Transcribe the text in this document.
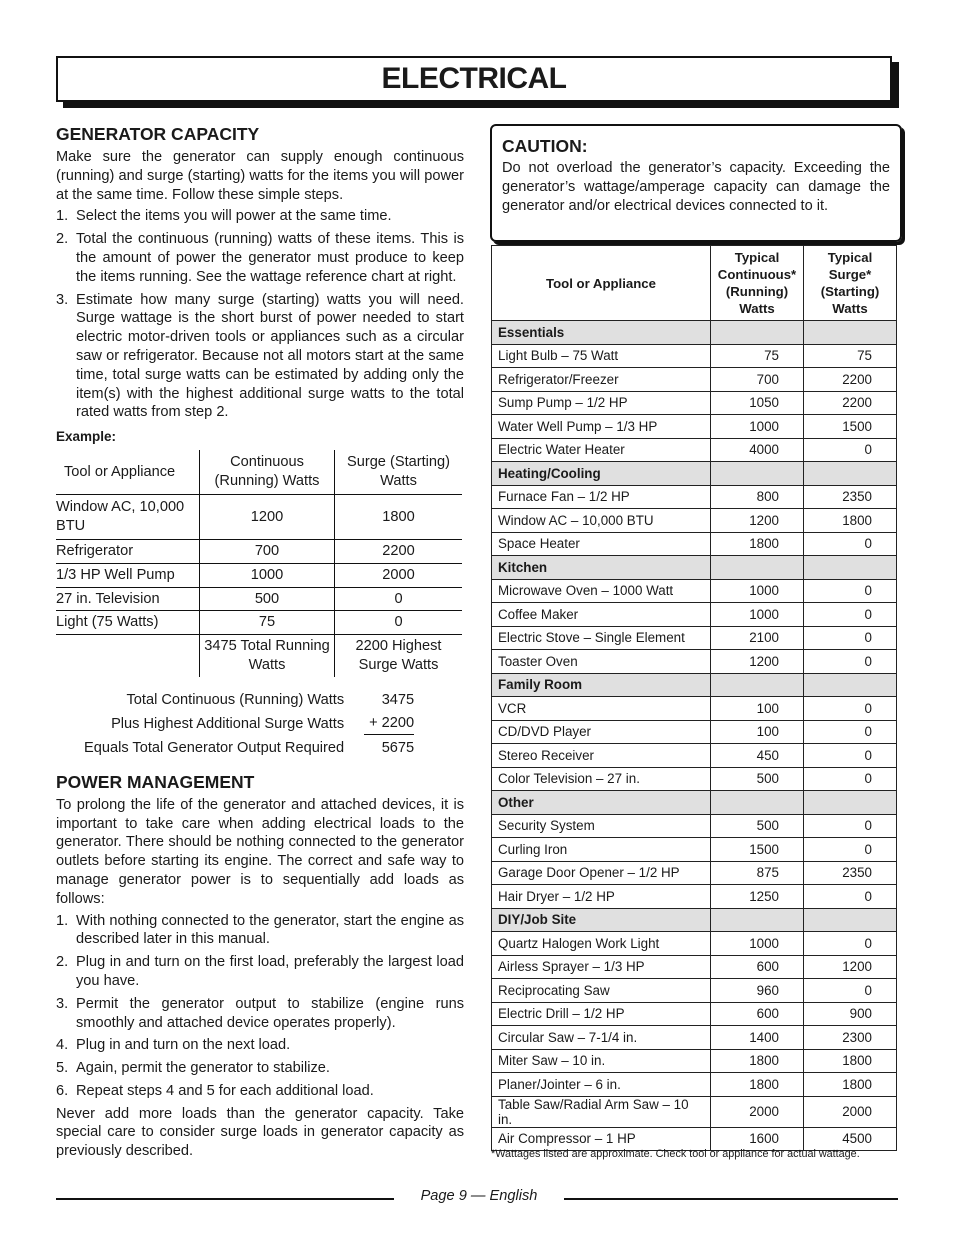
ELECTRICAL
GENERATOR CAPACITY

Make sure the generator can supply enough continuous (running) and surge (starting) watts for the items you will power at the same time. Follow these simple steps.

1. Select the items you will power at the same time.
2. Total the continuous (running) watts of these items. This is the amount of power the generator must produce to keep the items running. See the wattage reference chart at right.
3. Estimate how many surge (starting) watts you will need. Surge wattage is the short burst of power needed to start electric motor-driven tools or appliances such as a circular saw or refrigerator. Because not all motors start at the same time, total surge watts can be estimated by adding only the item(s) with the highest additional surge watts to the total rated watts from step 2.
Example:
Tool or Appliance	Continuous (Running) Watts	Surge (Starting) Watts
Window AC, 10,000 BTU	1200	1800
Refrigerator	700	2200
1/3 HP Well Pump	1000	2000
27 in. Television	500	0
Light (75 Watts)	75	0
	3475 Total Running Watts	2200 Highest Surge Watts
Total Continuous (Running) Watts	3475
Plus Highest Additional Surge Watts	+ 2200
Equals Total Generator Output Required	5675
POWER MANAGEMENT

To prolong the life of the generator and attached devices, it is important to take care when adding electrical loads to the generator. There should be nothing connected to the generator outlets before starting its engine. The correct and safe way to manage generator power is to sequentially add loads as follows:

1. With nothing connected to the generator, start the engine as described later in this manual.
2. Plug in and turn on the first load, preferably the largest load you have.
3. Permit the generator output to stabilize (engine runs smoothly and attached device operates properly).
4. Plug in and turn on the next load.
5. Again, permit the generator to stabilize.
6. Repeat steps 4 and 5 for each additional load.

Never add more loads than the generator capacity. Take special care to consider surge loads in generator capacity as previously described.

CAUTION:

Do not overload the generator’s capacity. Exceeding the generator’s wattage/amperage capacity can damage the generator and/or electrical devices connected to it.

Tool or Appliance	Typical Continuous* (Running) Watts	Typical Surge* (Starting) Watts
Essentials		
Light Bulb – 75 Watt	75	75
Refrigerator/Freezer	700	2200
Sump Pump – 1/2 HP	1050	2200
Water Well Pump – 1/3 HP	1000	1500
Electric Water Heater	4000	0
Heating/Cooling		
Furnace Fan – 1/2 HP	800	2350
Window AC – 10,000 BTU	1200	1800
Space Heater	1800	0
Kitchen		
Microwave Oven – 1000 Watt	1000	0
Coffee Maker	1000	0
Electric Stove – Single Element	2100	0
Toaster Oven	1200	0
Family Room		
VCR	100	0
CD/DVD Player	100	0
Stereo Receiver	450	0
Color Television – 27 in.	500	0
Other		
Security System	500	0
Curling Iron	1500	0
Garage Door Opener – 1/2 HP	875	2350
Hair Dryer – 1/2 HP	1250	0
DIY/Job Site		
Quartz Halogen Work Light	1000	0
Airless Sprayer – 1/3 HP	600	1200
Reciprocating Saw	960	0
Electric Drill – 1/2 HP	600	900
Circular Saw – 7-1/4 in.	1400	2300
Miter Saw – 10 in.	1800	1800
Planer/Jointer – 6 in.	1800	1800
Table Saw/Radial Arm Saw – 10 in.	2000	2000
Air Compressor – 1 HP	1600	4500
*Wattages listed are approximate. Check tool or appliance for actual wattage.
Page 9 — English
